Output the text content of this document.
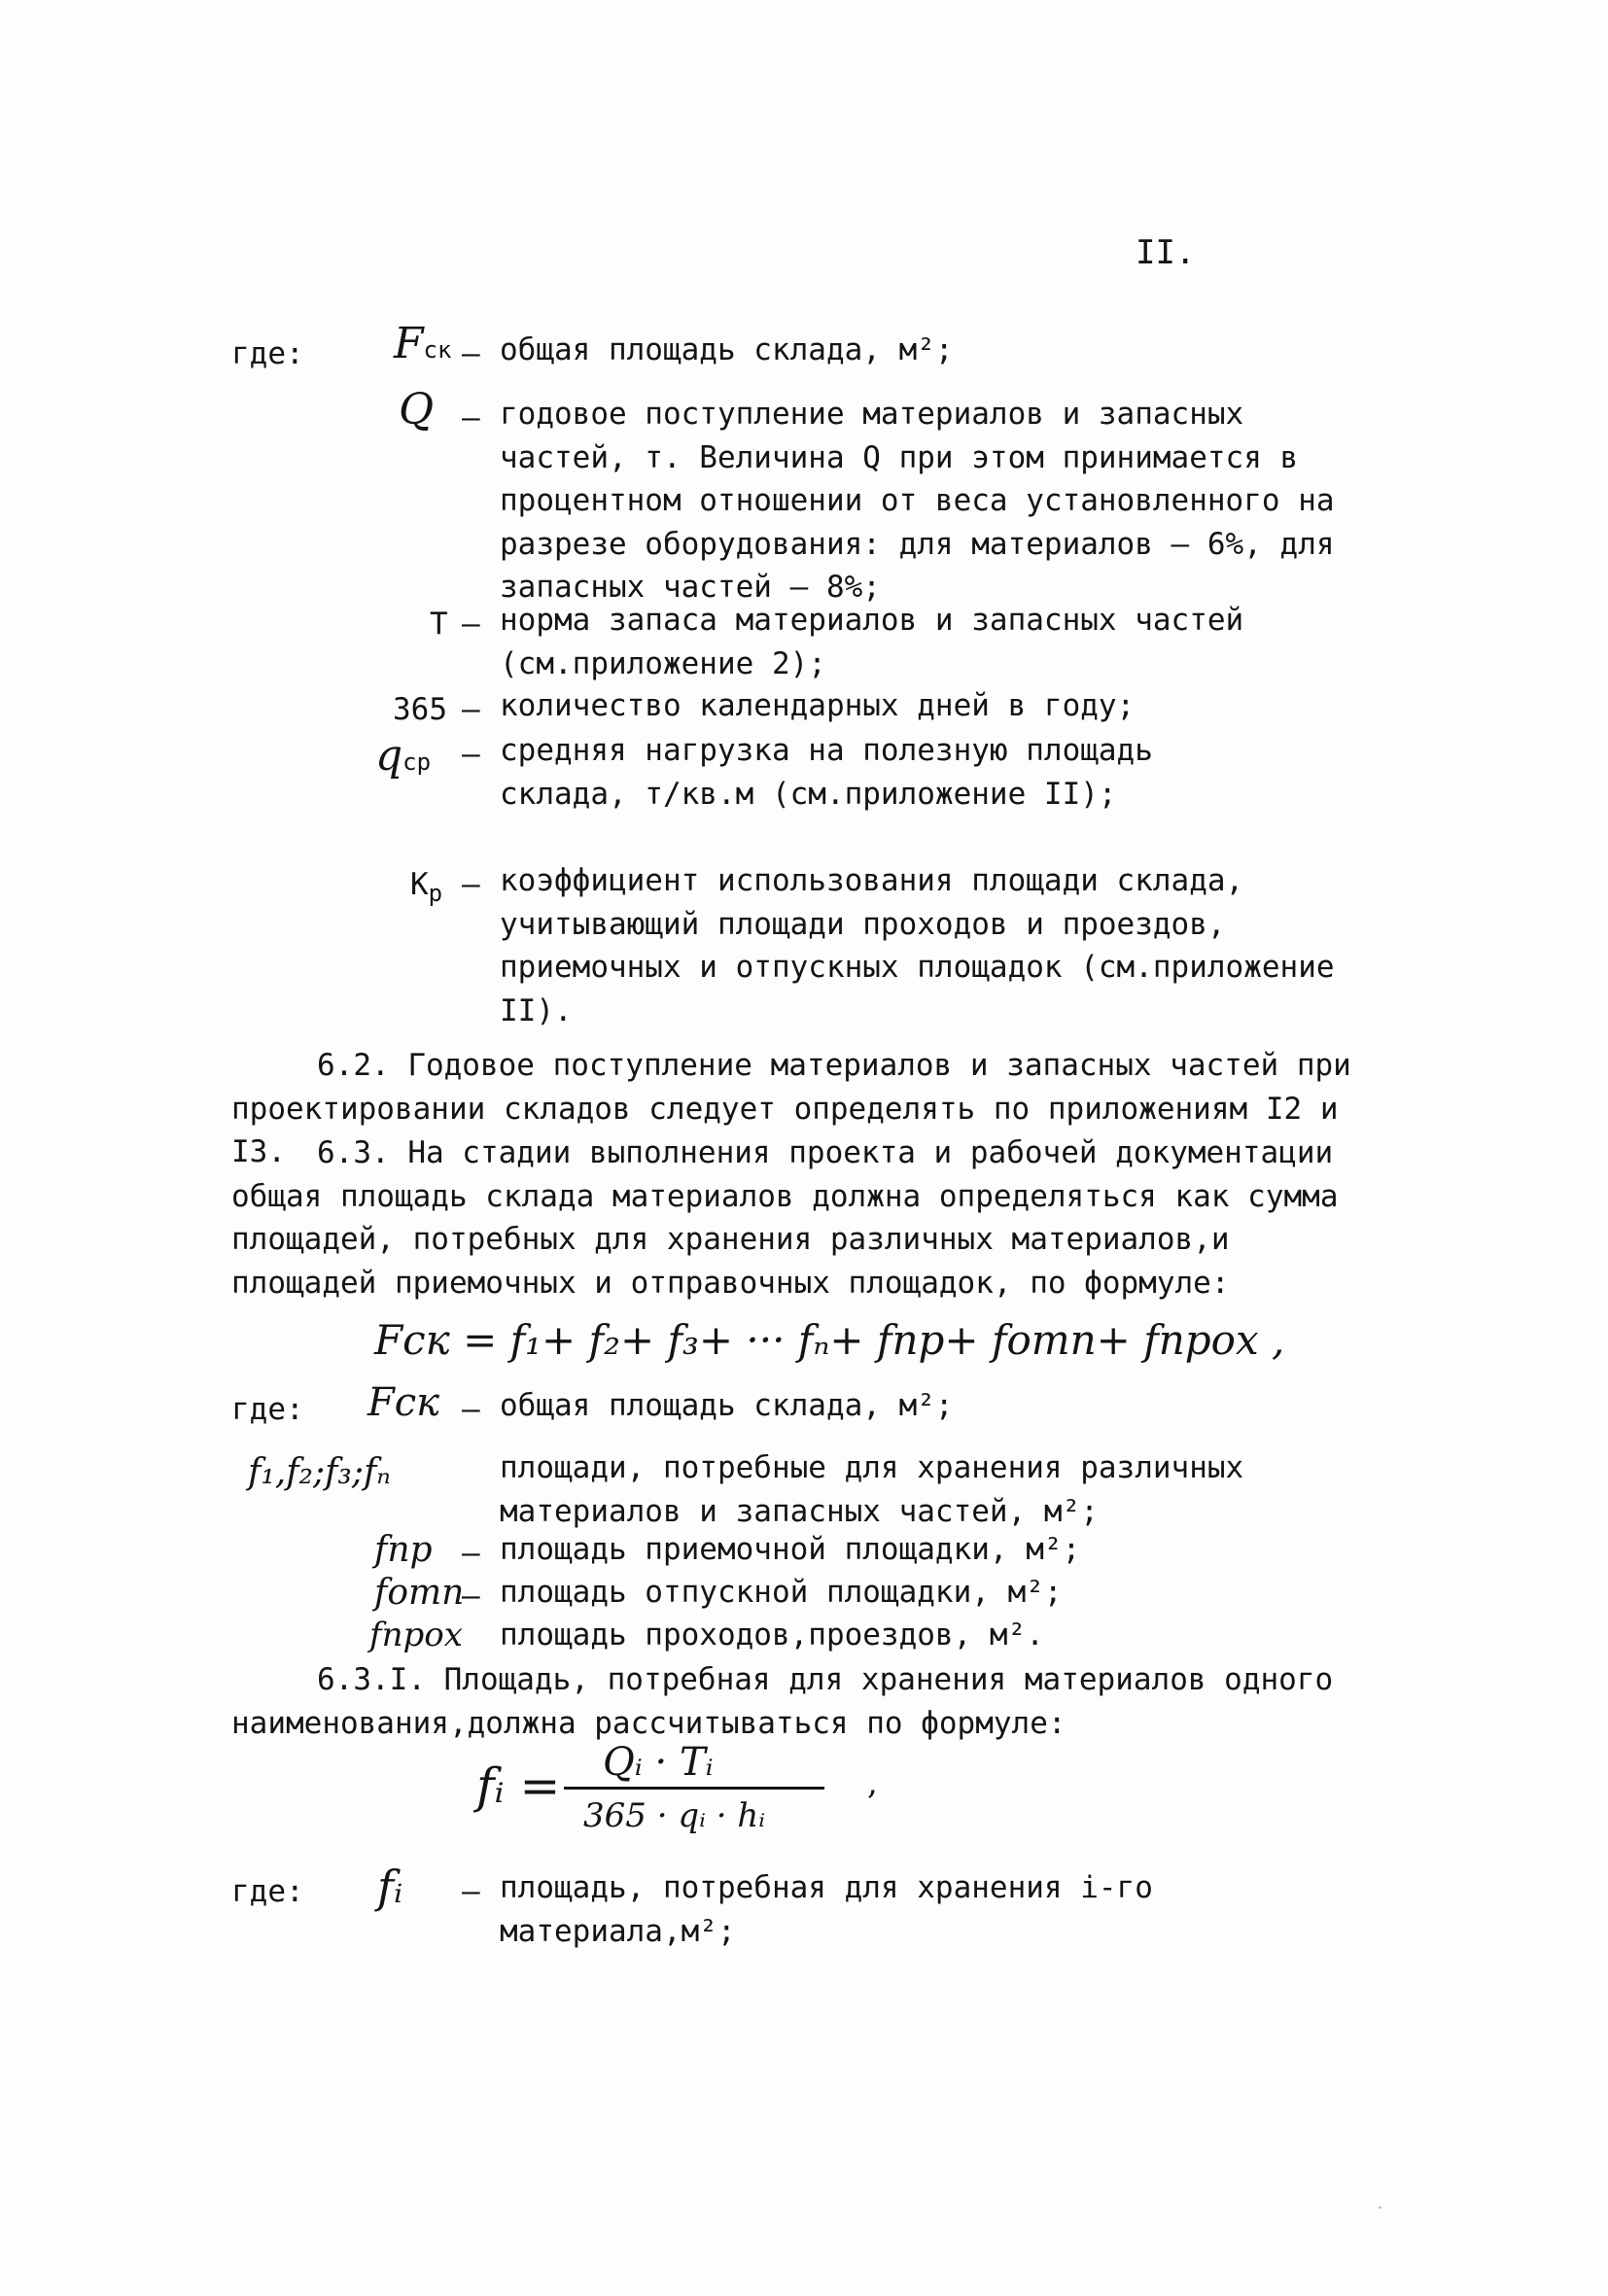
II.
где: Fск – общая площадь склада, м²;
Q – годовое поступление материалов и запасных частей, т. Величина Q при этом принимается в процентном отношении от веса установленного на разрезе оборудования: для материалов – 6%, для запасных частей – 8%;
Т – норма запаса материалов и запасных частей (см.приложение 2);
365 – количество календарных дней в году;
qср – средняя нагрузка на полезную площадь склада, т/кв.м (см.приложение II);
$К_р$ – коэффициент использования площади склада, учитывающий площади проходов и проездов, приемочных и отпускных площадок (см.приложение II).
6.2. Годовое поступление материалов и запасных частей при проектировании складов следует определять по приложениям I2 и I3.	6.3. На стадии выполнения проекта и рабочей документации общая площадь склада материалов должна определяться как сумма площадей, потребных для хранения различных материалов,и площадей приемочных и отправочных площадок, по формуле:
Fск = f₁+ f₂+ f₃+ ··· fₙ+ fпр+ fотп+ fпрох ,
где: Fск – общая площадь склада, м²;
f₁,f₂;f₃;fₙ	площади, потребные для хранения различных материалов и запасных частей, м²;
fпр – площадь приемочной площадки, м²;
fотп
– площадь отпускной площадки, м²;
fпрох площадь проходов,проездов, м².
6.3.I. Площадь, потребная для хранения материалов одного наименования,должна рассчитываться по формуле:
fᵢ = Qᵢ · Tᵢ
365 · qᵢ · hᵢ
,
где: fᵢ – площадь, потребная для хранения i-го материала,м²;
